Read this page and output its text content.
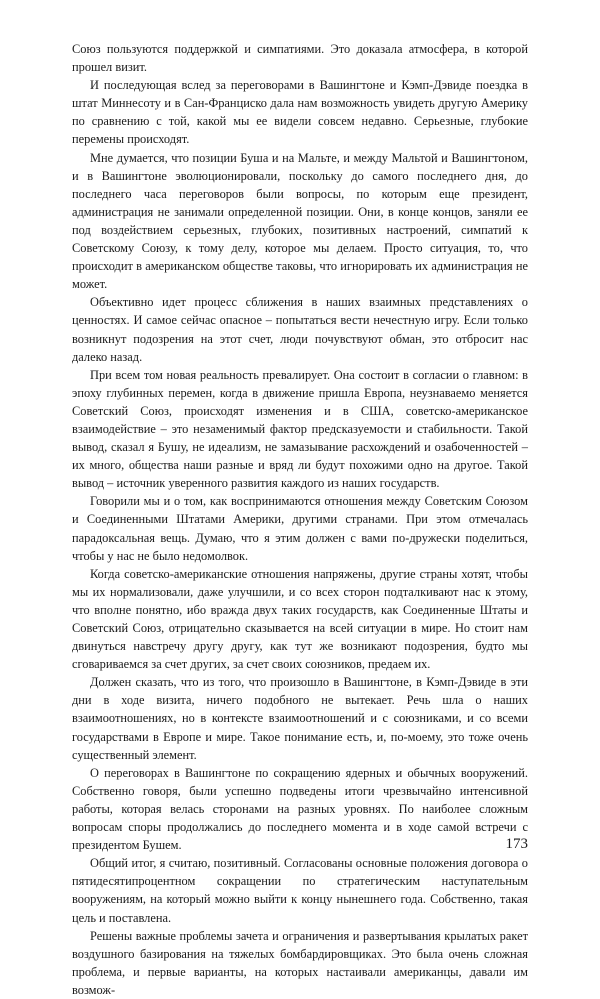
Союз пользуются поддержкой и симпатиями. Это доказала атмосфера, в которой прошел визит.

И последующая вслед за переговорами в Вашингтоне и Кэмп-Дэвиде поездка в штат Миннесоту и в Сан-Франциско дала нам возможность увидеть другую Америку по сравнению с той, какой мы ее видели совсем недавно. Серьезные, глубокие перемены происходят.

Мне думается, что позиции Буша и на Мальте, и между Мальтой и Вашингтоном, и в Вашингтоне эволюционировали, поскольку до самого последнего дня, до последнего часа переговоров были вопросы, по которым еще президент, администрация не занимали определенной позиции. Они, в конце концов, заняли ее под воздействием серьезных, глубоких, позитивных настроений, симпатий к Советскому Союзу, к тому делу, которое мы делаем. Просто ситуация, то, что происходит в американском обществе таковы, что игнорировать их администрация не может.

Объективно идет процесс сближения в наших взаимных представлениях о ценностях. И самое сейчас опасное – попытаться вести нечестную игру. Если только возникнут подозрения на этот счет, люди почувствуют обман, это отбросит нас далеко назад.

При всем том новая реальность превалирует. Она состоит в согласии о главном: в эпоху глубинных перемен, когда в движение пришла Европа, неузнаваемо меняется Советский Союз, происходят изменения и в США, советско-американское взаимодействие – это незаменимый фактор предсказуемости и стабильности. Такой вывод, сказал я Бушу, не идеализм, не замазывание расхождений и озабоченностей – их много, общества наши разные и вряд ли будут похожими одно на другое. Такой вывод – источник уверенного развития каждого из наших государств.

Говорили мы и о том, как воспринимаются отношения между Советским Союзом и Соединенными Штатами Америки, другими странами. При этом отмечалась парадоксальная вещь. Думаю, что я этим должен с вами по-дружески поделиться, чтобы у нас не было недомолвок.

Когда советско-американские отношения напряжены, другие страны хотят, чтобы мы их нормализовали, даже улучшили, и со всех сторон подталкивают нас к этому, что вполне понятно, ибо вражда двух таких государств, как Соединенные Штаты и Советский Союз, отрицательно сказывается на всей ситуации в мире. Но стоит нам двинуться навстречу другу другу, как тут же возникают подозрения, будто мы сговариваемся за счет других, за счет своих союзников, предаем их.

Должен сказать, что из того, что произошло в Вашингтоне, в Кэмп-Дэвиде в эти дни в ходе визита, ничего подобного не вытекает. Речь шла о наших взаимоотношениях, но в контексте взаимоотношений и с союзниками, и со всеми государствами в Европе и мире. Такое понимание есть, и, по-моему, это тоже очень существенный элемент.

О переговорах в Вашингтоне по сокращению ядерных и обычных вооружений. Собственно говоря, были успешно подведены итоги чрезвычайно интенсивной работы, которая велась сторонами на разных уровнях. По наиболее сложным вопросам споры продолжались до последнего момента и в ходе самой встречи с президентом Бушем.

Общий итог, я считаю, позитивный. Согласованы основные положения договора о пятидесятипроцентном сокращении по стратегическим наступательным вооружениям, на который можно выйти к концу нынешнего года. Собственно, такая цель и поставлена.

Решены важные проблемы зачета и ограничения и развертывания крылатых ракет воздушного базирования на тяжелых бомбардировщиках. Это была очень сложная проблема, и первые варианты, на которых настаивали американцы, давали им возмож-

173
